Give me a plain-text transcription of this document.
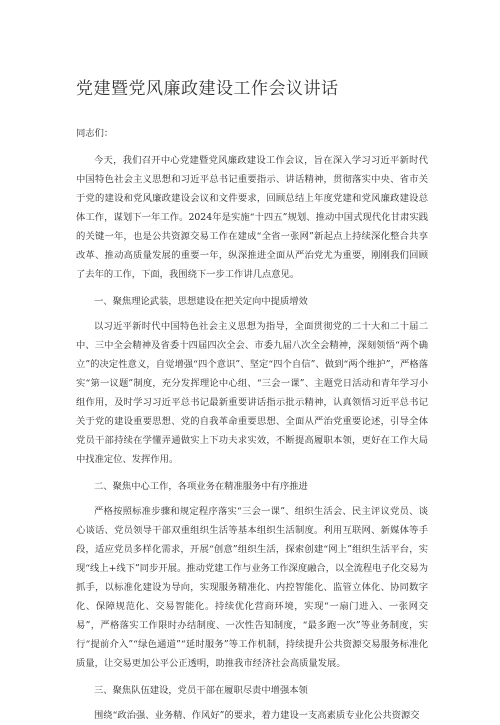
党建暨党风廉政建设工作会议讲话

同志们：

今天，我们召开中心党建暨党风廉政建设工作会议，旨在深入学习习近平新时代中国特色社会主义思想和习近平总书记重要指示、讲话精神，贯彻落实中央、省市关于党的建设和党风廉政建设会议和文件要求，回顾总结上年度党建和党风廉政建设总体工作，谋划下一年工作。2024年是实施“十四五”规划、推动中国式现代化甘肃实践的关键一年，也是公共资源交易工作在建成“全省一张网”新起点上持续深化整合共享改革、推动高质量发展的重要一年，纵深推进全面从严治党尤为重要，刚刚我们回顾了去年的工作，下面，我围绕下一步工作讲几点意见。

一、聚焦理论武装，思想建设在把关定向中提质增效

以习近平新时代中国特色社会主义思想为指导，全面贯彻党的二十大和二十届二中、三中全会精神及省委十四届四次全会、市委九届八次全会精神，深刻领悟“两个确立”的决定性意义，自觉增强“四个意识”、坚定“四个自信”、做到“两个维护”，严格落实“第一议题”制度，充分发挥理论中心组、“三会一课”、主题党日活动和青年学习小组作用，及时学习习近平总书记最新重要讲话指示批示精神，认真领悟习近平总书记关于党的建设重要思想、党的自我革命重要思想、全面从严治党重要论述，引导全体党员干部持续在学懂弄通做实上下功夫求实效，不断提高履职本领，更好在工作大局中找准定位、发挥作用。

二、聚焦中心工作，各项业务在精准服务中有序推进

严格按照标准步骤和规定程序落实“三会一课”、组织生活会、民主评议党员、谈心谈话、党员领导干部双重组织生活等基本组织生活制度。利用互联网、新媒体等手段，适应党员多样化需求，开展“创意”组织生活，探索创建“网上”组织生活平台，实现“线上+线下”同步开展。推动党建工作与业务工作深度融合，以全流程电子化交易为抓手，以标准化建设为导向，实现服务精准化、内控智能化、监管立体化、协同数字化、保障规范化、交易智能化。持续优化营商环境，实现“一扇门进入、一张网交易”，严格落实工作限时办结制度、一次性告知制度，“最多跑一次”等业务制度，实行“提前介入”“绿色通道”“延时服务”等工作机制，持续提升公共资源交易服务标准化质量，让交易更加公平公正透明，助推我市经济社会高质量发展。

三、聚焦队伍建设，党员干部在履职尽责中增强本领

围绕“政治强、业务精、作风好”的要求，着力建设一支高素质专业化公共资源交
